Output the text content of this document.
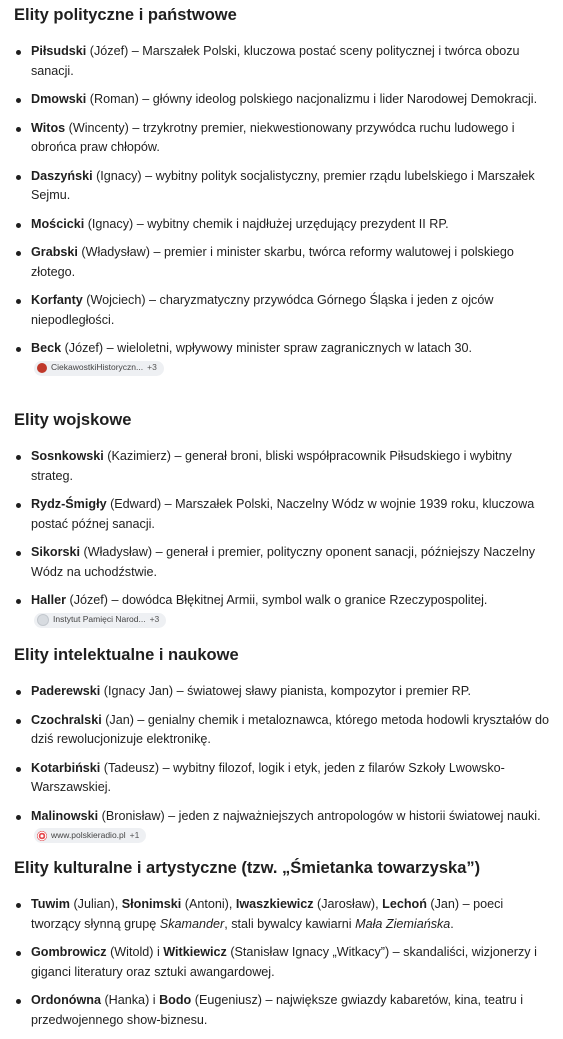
Elity polityczne i państwowe
Piłsudski (Józef) – Marszałek Polski, kluczowa postać sceny politycznej i twórca obozu sanacji.
Dmowski (Roman) – główny ideolog polskiego nacjonalizmu i lider Narodowej Demokracji.
Witos (Wincenty) – trzykrotny premier, niekwestionowany przywódca ruchu ludowego i obrońca praw chłopów.
Daszyński (Ignacy) – wybitny polityk socjalistyczny, premier rządu lubelskiego i Marszałek Sejmu.
Mościcki (Ignacy) – wybitny chemik i najdłużej urzędujący prezydent II RP.
Grabski (Władysław) – premier i minister skarbu, twórca reformy walutowej i polskiego złotego.
Korfanty (Wojciech) – charyzmatyczny przywódca Górnego Śląska i jeden z ojców niepodległości.
Beck (Józef) – wieloletni, wpływowy minister spraw zagranicznych w latach 30.
CiekawostkiHistoryczn... +3
Elity wojskowe
Sosnkowski (Kazimierz) – generał broni, bliski współpracownik Piłsudskiego i wybitny strateg.
Rydz-Śmigły (Edward) – Marszałek Polski, Naczelny Wódz w wojnie 1939 roku, kluczowa postać późnej sanacji.
Sikorski (Władysław) – generał i premier, polityczny oponent sanacji, późniejszy Naczelny Wódz na uchodźstwie.
Haller (Józef) – dowódca Błękitnej Armii, symbol walk o granice Rzeczypospolitej.
Instytut Pamięci Narod... +3
Elity intelektualne i naukowe
Paderewski (Ignacy Jan) – światowej sławy pianista, kompozytor i premier RP.
Czochralski (Jan) – genialny chemik i metaloznawca, którego metoda hodowli kryształów do dziś rewolucjonizuje elektronikę.
Kotarbiński (Tadeusz) – wybitny filozof, logik i etyk, jeden z filarów Szkoły Lwowsko-Warszawskiej.
Malinowski (Bronisław) – jeden z najważniejszych antropologów w historii światowej nauki.
www.polskieradio.pl +1
Elity kulturalne i artystyczne (tzw. „Śmietanka towarzyska”)
Tuwim (Julian), Słonimski (Antoni), Iwaszkiewicz (Jarosław), Lechoń (Jan) – poeci tworzący słynną grupę Skamander, stali bywalcy kawiarni Mała Ziemiańska.
Gombrowicz (Witold) i Witkiewicz (Stanisław Ignacy „Witkacy”) – skandaliści, wizjonerzy i giganci literatury oraz sztuki awangardowej.
Ordonówna (Hanka) i Bodo (Eugeniusz) – największe gwiazdy kabaretów, kina, teatru i przedwojennego show-biznesu.
